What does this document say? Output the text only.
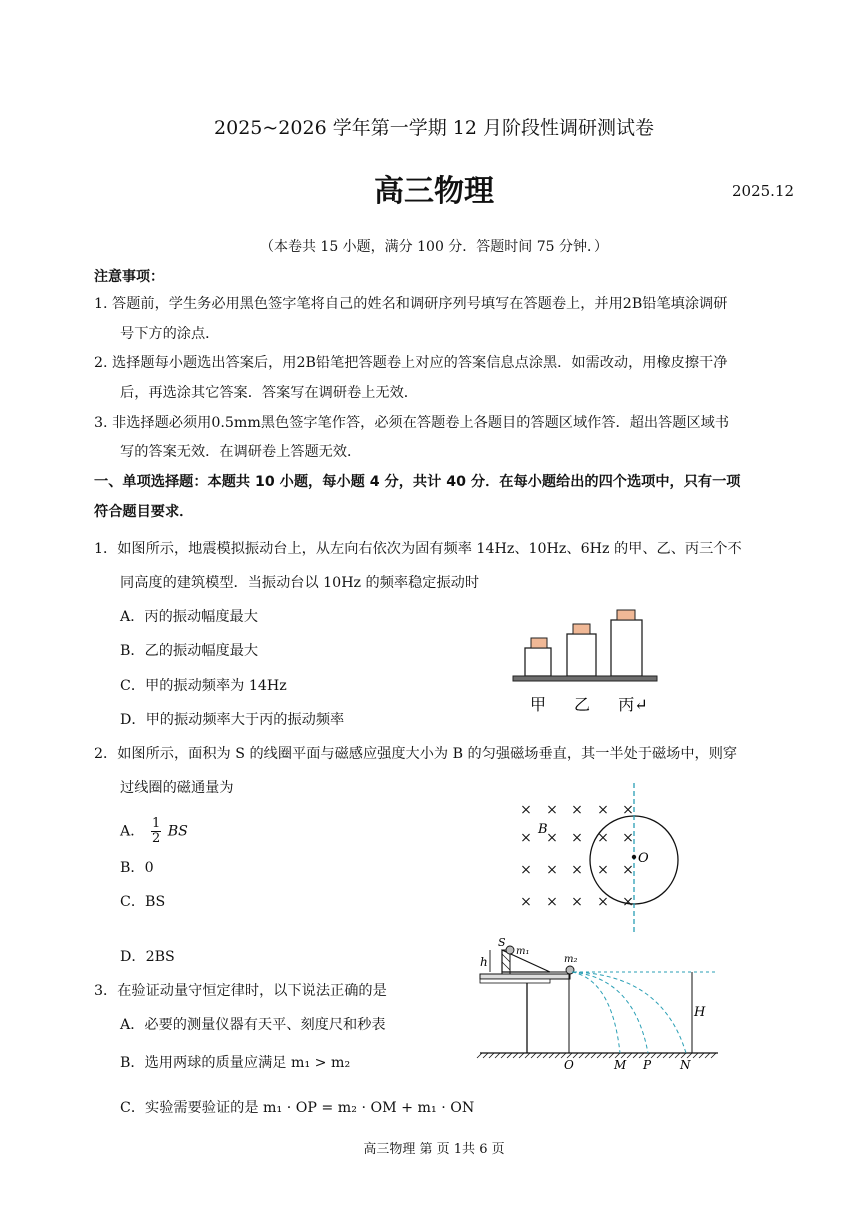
2025~2026 学年第一学期 12 月阶段性调研测试卷
高三物理	2025.12
（本卷共 15 小题，满分 100 分．答题时间 75 分钟．）
注意事项：
1. 答题前，学生务必用黑色签字笔将自己的姓名和调研序列号填写在答题卷上，并用2B铅笔填涂调研
号下方的涂点．
2. 选择题每小题选出答案后，用2B铅笔把答题卷上对应的答案信息点涂黑．如需改动，用橡皮擦干净
后，再选涂其它答案．答案写在调研卷上无效．
3. 非选择题必须用0.5mm黑色签字笔作答，必须在答题卷上各题目的答题区域作答．超出答题区域书
写的答案无效．在调研卷上答题无效．
一、单项选择题：本题共 10 小题，每小题 4 分，共计 40 分．在每小题给出的四个选项中，只有一项
符合题目要求．
1．如图所示，地震模拟振动台上，从左向右依次为固有频率 14Hz、10Hz、6Hz 的甲、乙、丙三个不
同高度的建筑模型．当振动台以 10Hz 的频率稳定振动时
A．丙的振动幅度最大
B．乙的振动幅度最大
C．甲的振动频率为 14Hz
D．甲的振动频率大于丙的振动频率
甲 乙 丙↵
2．如图所示，面积为 S 的线圈平面与磁感应强度大小为 B 的匀强磁场垂直，其一半处于磁场中，则穿
过线圈的磁通量为
A． $\frac{1}{2}$ BS
B．0
C．BS
D．2BS
× × × × ×
× × × × ×
× × × × ×
× × × × ×
O
B
3．在验证动量守恒定律时，以下说法正确的是
A．必要的测量仪器有天平、刻度尺和秒表
B．选用两球的质量应满足 m₁ > m₂
C．实验需要验证的是 m₁ · OP = m₂ · OM + m₁ · ON
S
m₁
m₂
h
H
O	M P N
高三物理 第 页 1共 6 页
